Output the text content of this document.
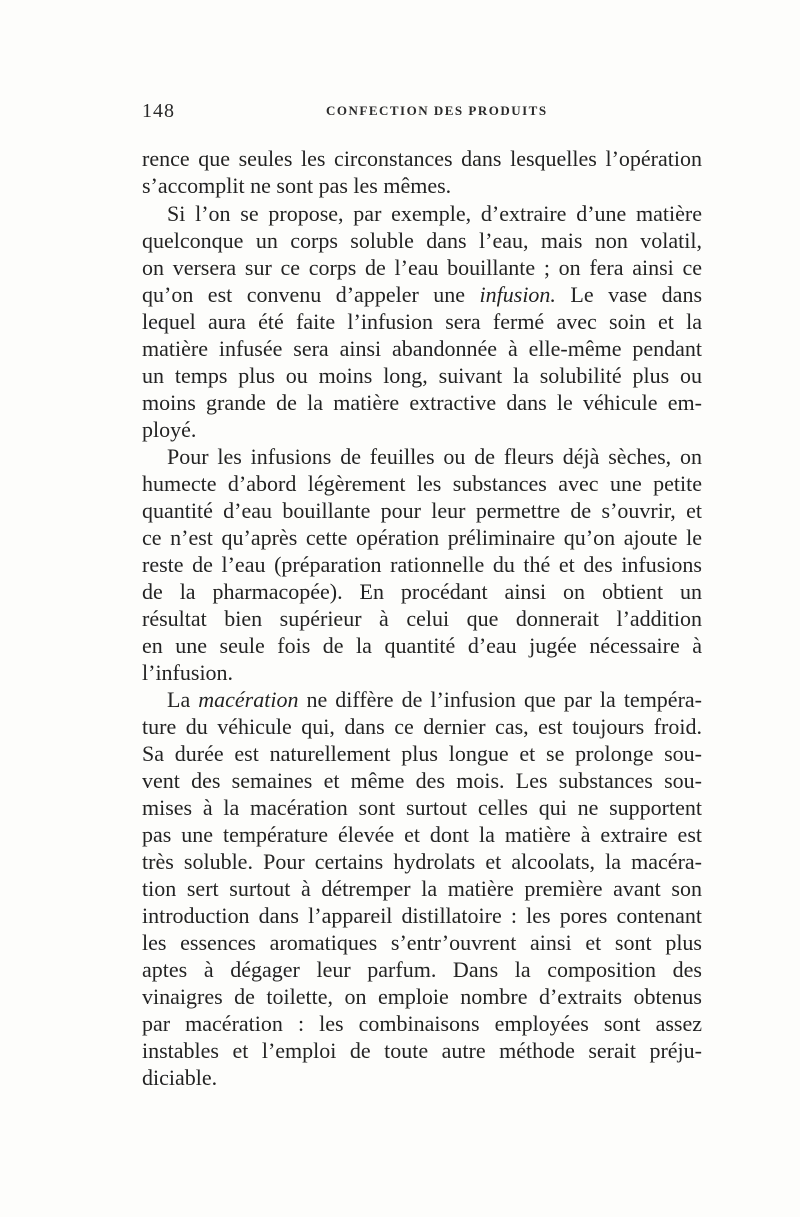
148	CONFECTION DES PRODUITS
rence que seules les circonstances dans lesquelles l’opération
s’accomplit ne sont pas les mêmes.
Si l’on se propose, par exemple, d’extraire d’une matière
quelconque un corps soluble dans l’eau, mais non volatil,
on versera sur ce corps de l’eau bouillante ; on fera ainsi ce
qu’on est convenu d’appeler une infusion. Le vase dans
lequel aura été faite l’infusion sera fermé avec soin et la
matière infusée sera ainsi abandonnée à elle-même pendant
un temps plus ou moins long, suivant la solubilité plus ou
moins grande de la matière extractive dans le véhicule em-
ployé.
Pour les infusions de feuilles ou de fleurs déjà sèches, on
humecte d’abord légèrement les substances avec une petite
quantité d’eau bouillante pour leur permettre de s’ouvrir, et
ce n’est qu’après cette opération préliminaire qu’on ajoute le
reste de l’eau (préparation rationnelle du thé et des infusions
de la pharmacopée). En procédant ainsi on obtient un
résultat bien supérieur à celui que donnerait l’addition
en une seule fois de la quantité d’eau jugée nécessaire à
l’infusion.
La macération ne diffère de l’infusion que par la tempéra-
ture du véhicule qui, dans ce dernier cas, est toujours froid.
Sa durée est naturellement plus longue et se prolonge sou-
vent des semaines et même des mois. Les substances sou-
mises à la macération sont surtout celles qui ne supportent
pas une température élevée et dont la matière à extraire est
très soluble. Pour certains hydrolats et alcoolats, la macéra-
tion sert surtout à détremper la matière première avant son
introduction dans l’appareil distillatoire : les pores contenant
les essences aromatiques s’entr’ouvrent ainsi et sont plus
aptes à dégager leur parfum. Dans la composition des
vinaigres de toilette, on emploie nombre d’extraits obtenus
par macération : les combinaisons employées sont assez
instables et l’emploi de toute autre méthode serait préju-
diciable.
